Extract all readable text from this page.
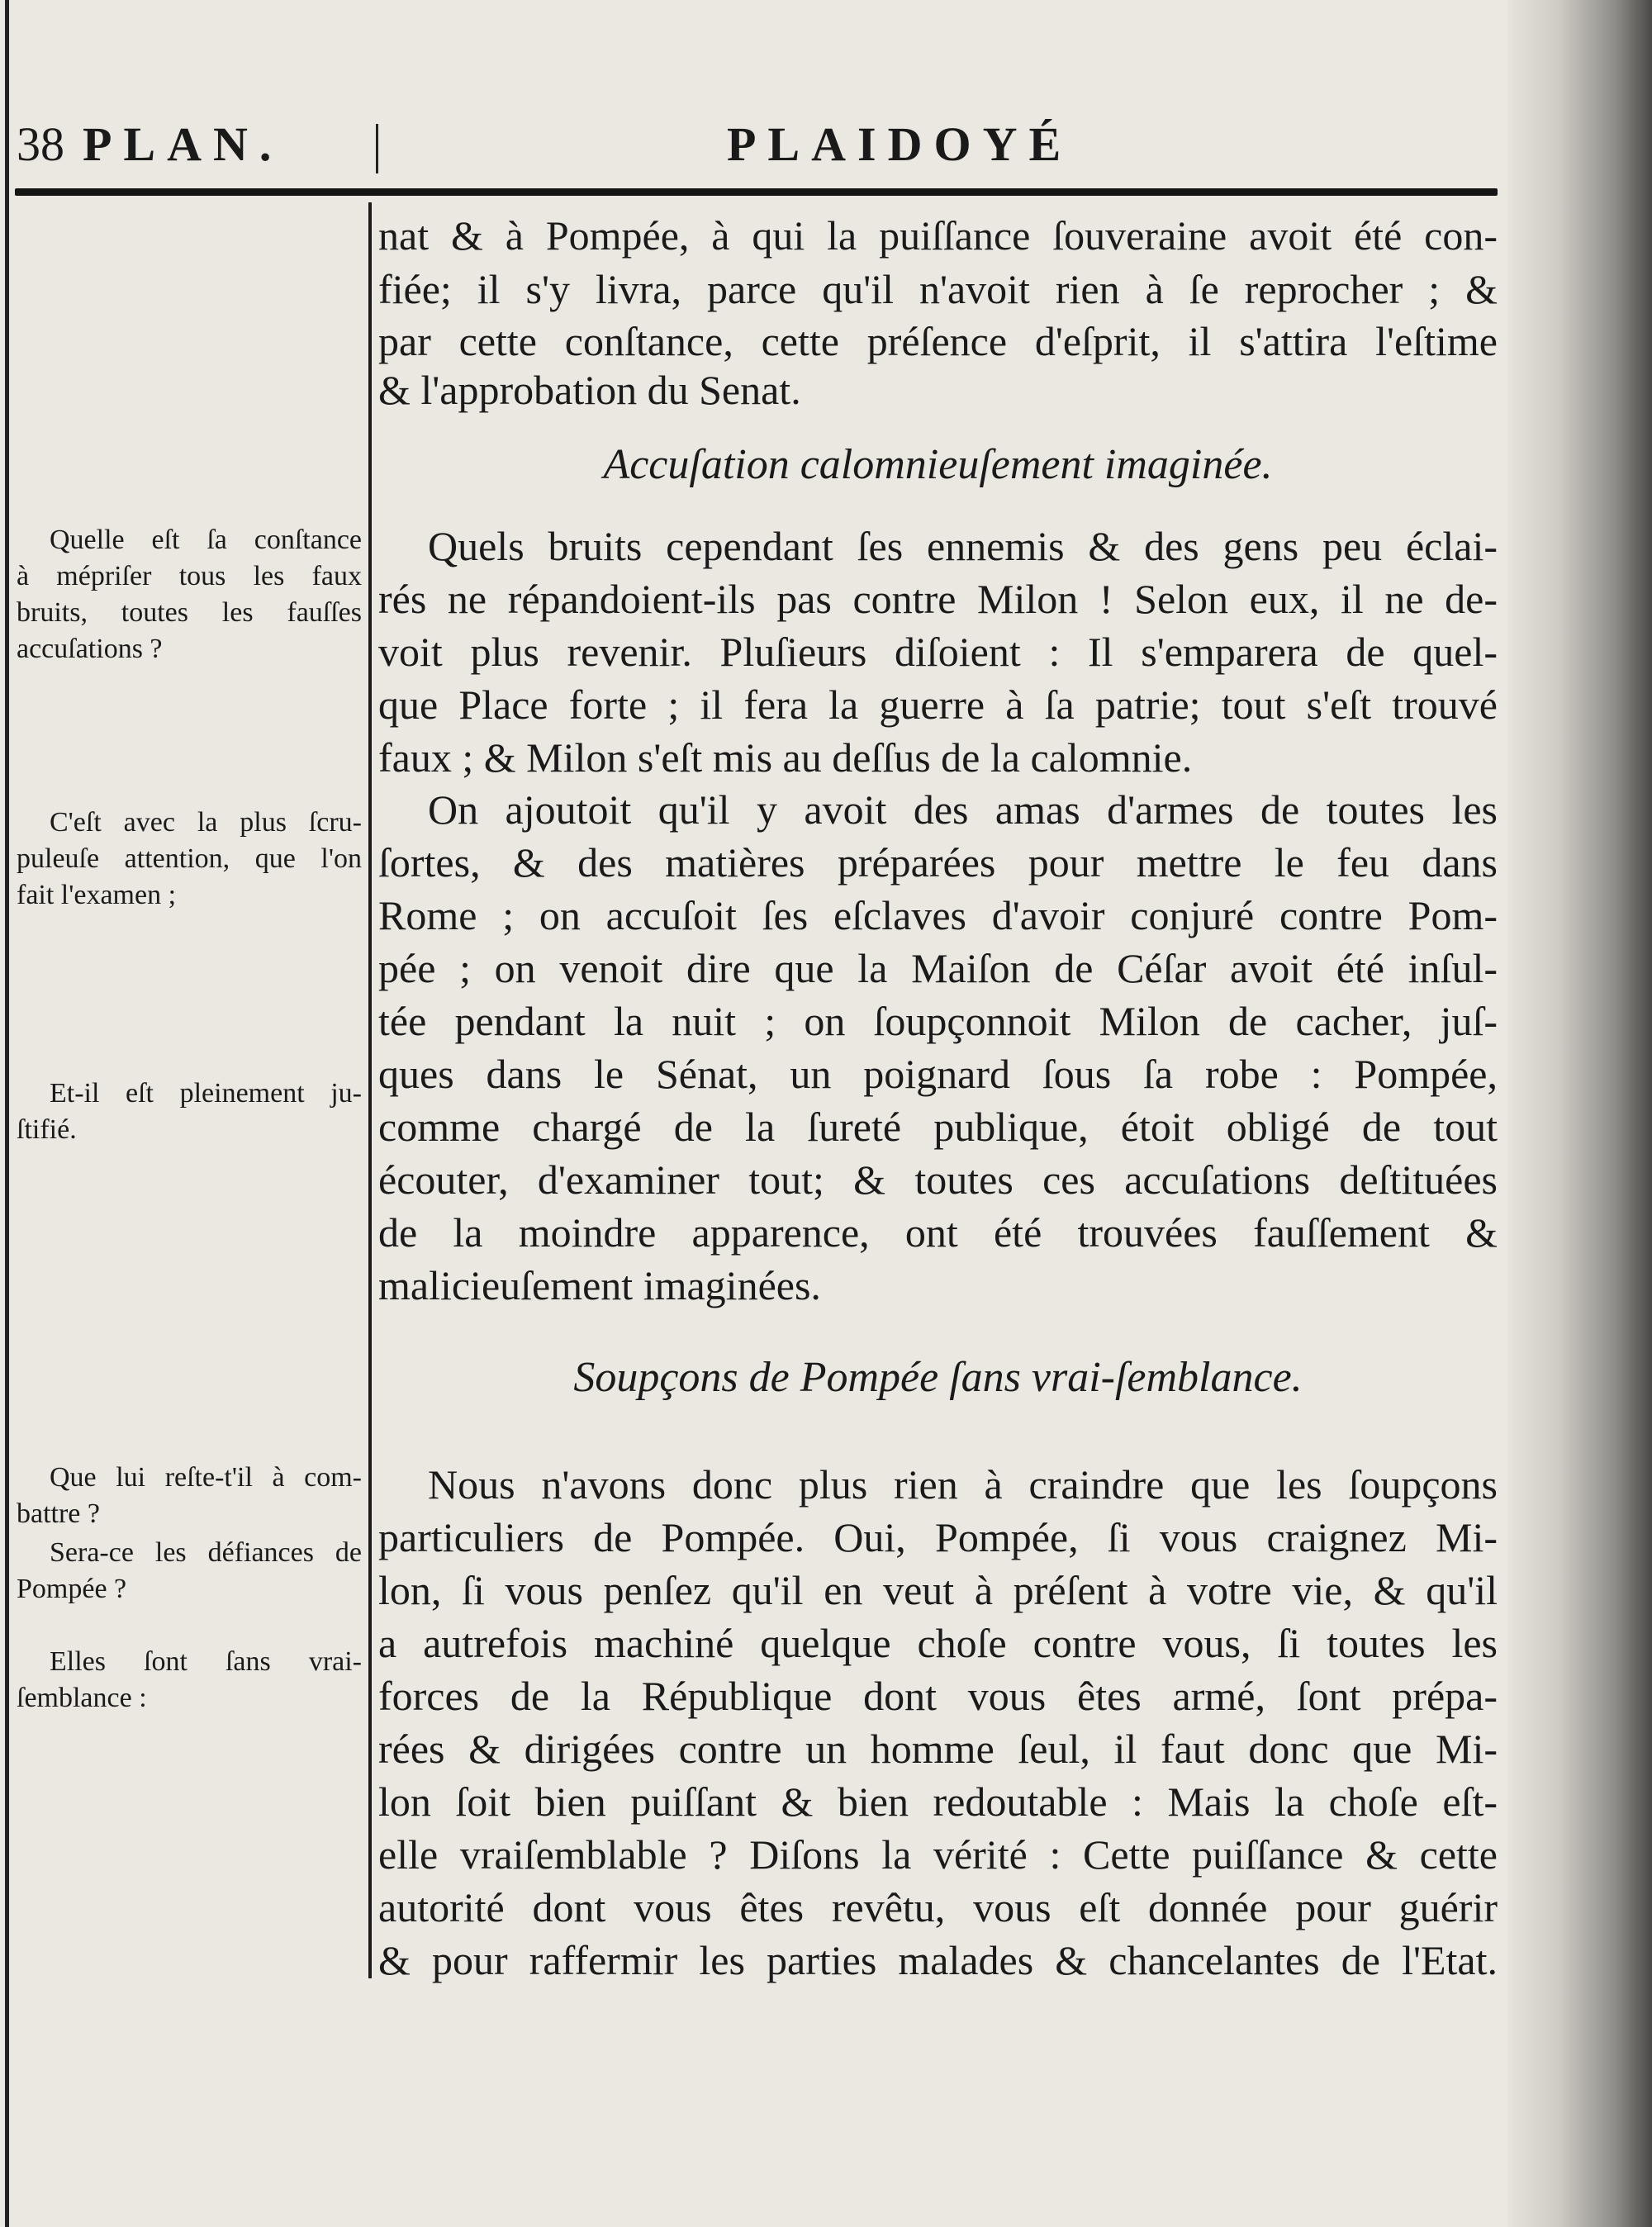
38 PLAN.	PLAIDOYÉ
nat & à Pompée, à qui la puiſſance ſouveraine avoit été con-
fiée; il s'y livra, parce qu'il n'avoit rien à ſe reprocher ; &
par cette conſtance, cette préſence d'eſprit, il s'attira l'eſtime
& l'approbation du Senat.
Accuſation calomnieuſement imaginée.
Quels bruits cependant ſes ennemis & des gens peu éclai-
rés ne répandoient-ils pas contre Milon ! Selon eux, il ne de-
voit plus revenir. Pluſieurs diſoient : Il s'emparera de quel-
que Place forte ; il fera la guerre à ſa patrie; tout s'eſt trouvé
faux ; & Milon s'eſt mis au deſſus de la calomnie.
On ajoutoit qu'il y avoit des amas d'armes de toutes les
ſortes, & des matières préparées pour mettre le feu dans
Rome ; on accuſoit ſes eſclaves d'avoir conjuré contre Pom-
pée ; on venoit dire que la Maiſon de Céſar avoit été inſul-
tée pendant la nuit ; on ſoupçonnoit Milon de cacher, juſ-
ques dans le Sénat, un poignard ſous ſa robe : Pompée,
comme chargé de la ſureté publique, étoit obligé de tout
écouter, d'examiner tout; & toutes ces accuſations deſtituées
de la moindre apparence, ont été trouvées fauſſement &
malicieuſement imaginées.
Soupçons de Pompée ſans vrai-ſemblance.
Nous n'avons donc plus rien à craindre que les ſoupçons
particuliers de Pompée. Oui, Pompée, ſi vous craignez Mi-
lon, ſi vous penſez qu'il en veut à préſent à votre vie, & qu'il
a autrefois machiné quelque choſe contre vous, ſi toutes les
forces de la République dont vous êtes armé, ſont prépa-
rées & dirigées contre un homme ſeul, il faut donc que Mi-
lon ſoit bien puiſſant & bien redoutable : Mais la choſe eſt-
elle vraiſemblable ? Diſons la vérité : Cette puiſſance & cette
autorité dont vous êtes revêtu, vous eſt donnée pour guérir
& pour raffermir les parties malades & chancelantes de l'Etat.
Quelle eſt ſa conſtance
à mépriſer tous les faux
bruits, toutes les fauſſes
accuſations ?
C'eſt avec la plus ſcru-
puleuſe attention, que l'on
fait l'examen ;
Et-il eſt pleinement ju-
ſtifié.
Que lui reſte-t'il à com-
battre ?
Sera-ce les défiances de
Pompée ?
Elles ſont ſans vrai-
ſemblance :
